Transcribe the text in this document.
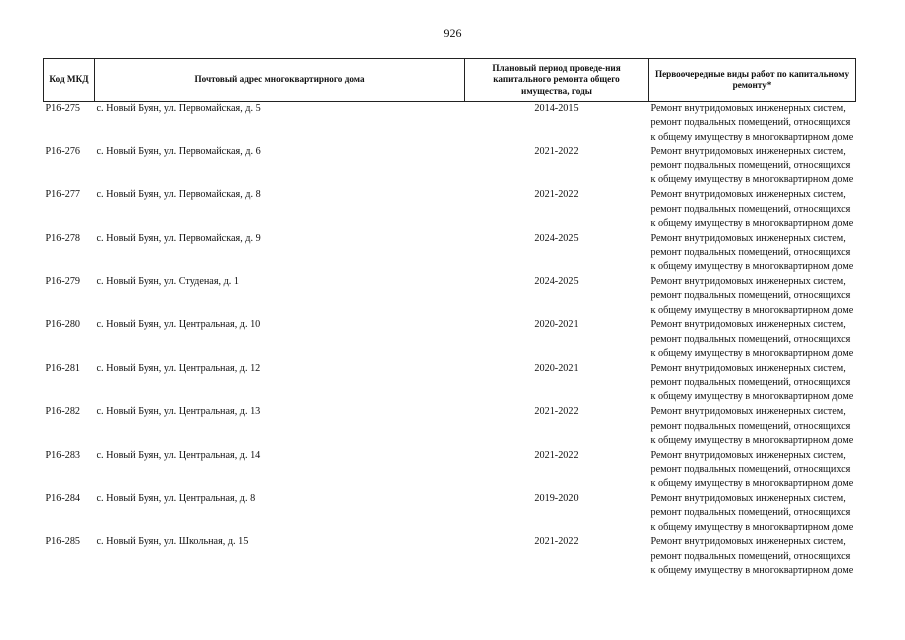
926
Код МКД	Почтовый адрес многоквартирного дома	Плановый период проведе-ния капитального ремонта общего имущества, годы	Первоочередные виды работ по капитальному ремонту*
Р16-275	с. Новый Буян, ул. Первомайская, д. 5	2014-2015	Ремонт внутридомовых инженерных систем, ремонт подвальных помещений, относящихся к общему имуществу в многоквартирном доме
Р16-276	с. Новый Буян, ул. Первомайская, д. 6	2021-2022	Ремонт внутридомовых инженерных систем, ремонт подвальных помещений, относящихся к общему имуществу в многоквартирном доме
Р16-277	с. Новый Буян, ул. Первомайская, д. 8	2021-2022	Ремонт внутридомовых инженерных систем, ремонт подвальных помещений, относящихся к общему имуществу в многоквартирном доме
Р16-278	с. Новый Буян, ул. Первомайская, д. 9	2024-2025	Ремонт внутридомовых инженерных систем, ремонт подвальных помещений, относящихся к общему имуществу в многоквартирном доме
Р16-279	с. Новый Буян, ул. Студеная, д. 1	2024-2025	Ремонт внутридомовых инженерных систем, ремонт подвальных помещений, относящихся к общему имуществу в многоквартирном доме
Р16-280	с. Новый Буян, ул. Центральная, д. 10	2020-2021	Ремонт внутридомовых инженерных систем, ремонт подвальных помещений, относящихся к общему имуществу в многоквартирном доме
Р16-281	с. Новый Буян, ул. Центральная, д. 12	2020-2021	Ремонт внутридомовых инженерных систем, ремонт подвальных помещений, относящихся к общему имуществу в многоквартирном доме
Р16-282	с. Новый Буян, ул. Центральная, д. 13	2021-2022	Ремонт внутридомовых инженерных систем, ремонт подвальных помещений, относящихся к общему имуществу в многоквартирном доме
Р16-283	с. Новый Буян, ул. Центральная, д. 14	2021-2022	Ремонт внутридомовых инженерных систем, ремонт подвальных помещений, относящихся к общему имуществу в многоквартирном доме
Р16-284	с. Новый Буян, ул. Центральная, д. 8	2019-2020	Ремонт внутридомовых инженерных систем, ремонт подвальных помещений, относящихся к общему имуществу в многоквартирном доме
Р16-285	с. Новый Буян, ул. Школьная, д. 15	2021-2022	Ремонт внутридомовых инженерных систем, ремонт подвальных помещений, относящихся к общему имуществу в многоквартирном доме
